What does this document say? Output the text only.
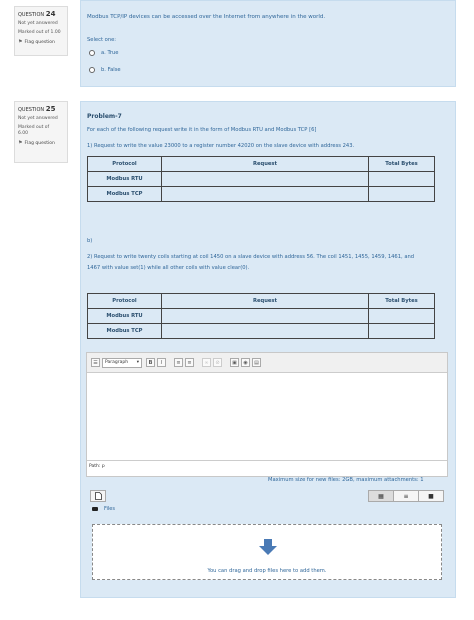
QUESTION 24
Not yet answered
Marked out of 1.00
⚑ Flag question
Modbus TCP/IP devices can be accessed over the Internet from anywhere in the world.
Select one:
a. True
b. False
QUESTION 25
Not yet answered
Marked out of
6.00
⚑ Flag question
Problem-7
For each of the following request write it in the form of Modbus RTU and Modbus TCP [6]
1) Request to write the value 23000 to a register number 42020 on the slave device with address 243.
Protocol	Request	Total Bytes
Modbus RTU		
Modbus TCP		
b)
2) Request to write twenty coils starting at coil 1450 on a slave device with address 56. The coil 1451, 1455, 1459, 1461, and
1467 with value set(1) while all other coils with value clear(0).
Protocol	Request	Total Bytes
Modbus RTU		
Modbus TCP		
☰	Paragraph ▾	B	I	≡	≡	∞	⊘	▣	◉	▤
Path: p
Maximum size for new files: 2GB, maximum attachments: 1
▦	≡	■
Files
You can drag and drop files here to add them.
